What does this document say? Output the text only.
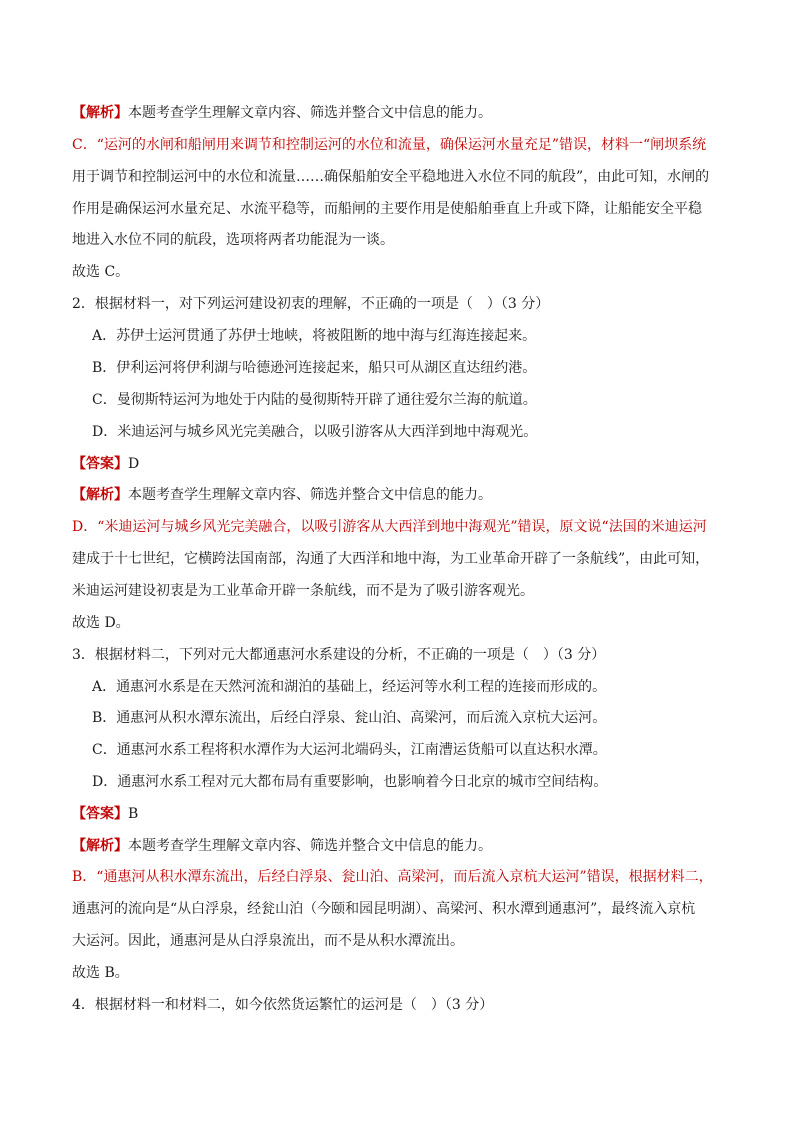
【解析】本题考查学生理解文章内容、筛选并整合文中信息的能力。
C．“运河的水闸和船闸用来调节和控制运河的水位和流量，确保运河水量充足”错误，材料一“闸坝系统
用于调节和控制运河中的水位和流量……确保船舶安全平稳地进入水位不同的航段”，由此可知，水闸的
作用是确保运河水量充足、水流平稳等，而船闸的主要作用是使船舶垂直上升或下降，让船能安全平稳
地进入水位不同的航段，选项将两者功能混为一谈。
故选 C。
2．根据材料一，对下列运河建设初衷的理解，不正确的一项是（　）（3 分）
A．苏伊士运河贯通了苏伊士地峡，将被阻断的地中海与红海连接起来。
B．伊利运河将伊利湖与哈德逊河连接起来，船只可从湖区直达纽约港。
C．曼彻斯特运河为地处于内陆的曼彻斯特开辟了通往爱尔兰海的航道。
D．米迪运河与城乡风光完美融合，以吸引游客从大西洋到地中海观光。
【答案】D
【解析】本题考查学生理解文章内容、筛选并整合文中信息的能力。
D．“米迪运河与城乡风光完美融合，以吸引游客从大西洋到地中海观光”错误，原文说“法国的米迪运河
建成于十七世纪，它横跨法国南部，沟通了大西洋和地中海，为工业革命开辟了一条航线”，由此可知，
米迪运河建设初衷是为工业革命开辟一条航线，而不是为了吸引游客观光。
故选 D。
3．根据材料二，下列对元大都通惠河水系建设的分析，不正确的一项是（　）（3 分）
A．通惠河水系是在天然河流和湖泊的基础上，经运河等水利工程的连接而形成的。
B．通惠河从积水潭东流出，后经白浮泉、瓮山泊、高梁河，而后流入京杭大运河。
C．通惠河水系工程将积水潭作为大运河北端码头，江南漕运货船可以直达积水潭。
D．通惠河水系工程对元大都布局有重要影响，也影响着今日北京的城市空间结构。
【答案】B
【解析】本题考查学生理解文章内容、筛选并整合文中信息的能力。
B．“通惠河从积水潭东流出，后经白浮泉、瓮山泊、高梁河，而后流入京杭大运河”错误，根据材料二，
通惠河的流向是“从白浮泉，经瓮山泊（今颐和园昆明湖）、高梁河、积水潭到通惠河”，最终流入京杭
大运河。因此，通惠河是从白浮泉流出，而不是从积水潭流出。
故选 B。
4．根据材料一和材料二，如今依然货运繁忙的运河是（　）（3 分）
